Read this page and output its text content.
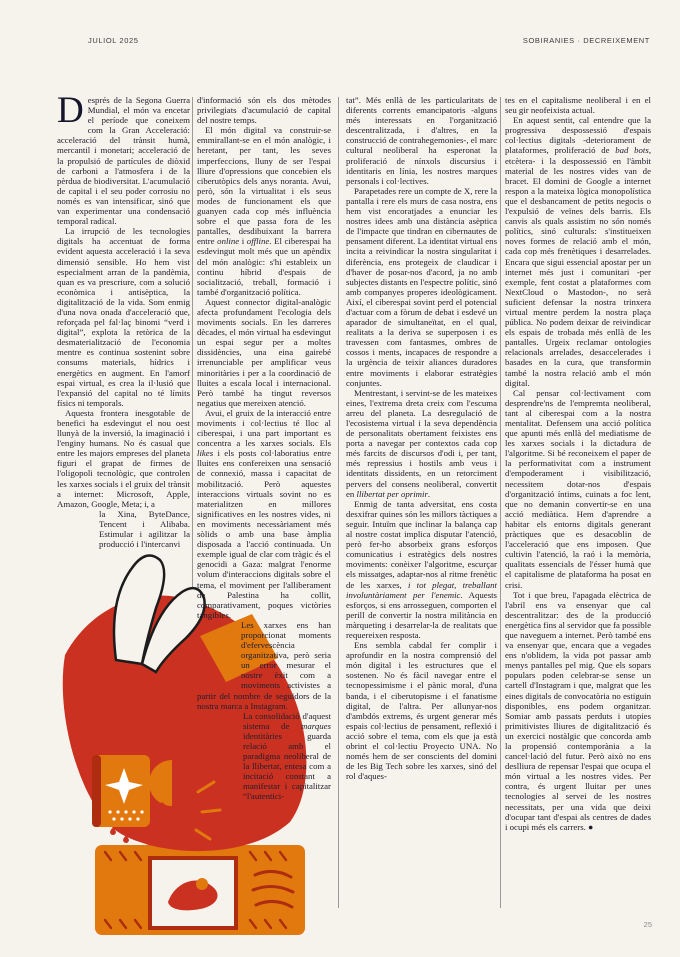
JULIOL 2025	SOBIRANIES · DECREIXEMENT

Després de la Segona Guerra Mundial, el món va encetar el període que coneixem com la Gran Acceleració: acceleració del trànsit humà, mercantil i monetari; acceleració de la propulsió de partícules de diòxid de carboni a l'atmosfera i de la pèrdua de biodiversitat. L'acumulació de capital i el seu poder corrosiu no només es van intensificar, sinó que van experimentar una condensació temporal radical.

La irrupció de les tecnologies digitals ha accentuat de forma evident aquesta acceleració i la seva dimensió sensible. Ho hem vist especialment arran de la pandèmia, quan es va prescriure, com a solució econòmica i antisèptica, la digitalització de la vida. Som enmig d'una nova onada d'acceleració que, reforçada pel fal·laç binomi “verd i digital”, explota la retòrica de la desmaterialització de l'economia mentre es continua sostenint sobre consums materials, hídrics i energètics en augment. En l'amorf espai virtual, es crea la il·lusió que l'expansió del capital no té límits físics ni temporals.

Aquesta frontera inesgotable de benefici ha esdevingut el nou oest llunyà de la inversió, la imaginació i l'enginy humans. No és casual que entre les majors empreses del planeta figuri el grapat de firmes de l'oligopoli tecnològic, que controlen les xarxes socials i el gruix del trànsit a internet: Microsoft, Apple, Amazon, Google, Meta; i, a

la Xina, ByteDance, Tencent i Alibaba. Estimular i agilitzar la producció i l'intercanvi

d'informació són els dos mètodes privilegiats d'acumulació de capital del nostre temps.

El món digital va construir-se emmirallant-se en el món analògic, i heretant, per tant, les seves imperfeccions, lluny de ser l'espai lliure d'opressions que concebien els ciberutòpics dels anys noranta. Avui, però, són la virtualitat i els seus modes de funcionament els que guanyen cada cop més influència sobre el que passa fora de les pantalles, desdibuixant la barrera entre online i offline. El ciberespai ha esdevingut molt més que un apèndix del món analògic: s'hi estableix un continu híbrid d'espais de socialització, treball, formació i també d'organització política.

Aquest connector digital-analògic afecta profundament l'ecologia dels moviments socials. En les darreres dècades, el món virtual ha esdevingut un espai segur per a moltes dissidències, una eina gairebé irrenunciable per amplificar veus minoritàries i per a la coordinació de lluites a escala local i internacional. Però també ha tingut reversos negatius que mereixen atenció.

Avui, el gruix de la interacció entre moviments i col·lectius té lloc al ciberespai, i una part important es concentra a les xarxes socials. Els likes i els posts col·laboratius entre lluites ens confereixen una sensació de connexió, massa i capacitat de mobilització. Però aquestes interaccions virtuals sovint no es materialitzen en millores significatives en les nostres vides, ni en moviments necessàriament més sòlids o amb una base àmplia disposada a l'acció continuada. Un exemple igual de clar com tràgic és el genocidi a Gaza: malgrat l'enorme volum d'interaccions digitals sobre el tema, el moviment per l'alliberament de Palestina ha collit, comparativament, poques victòries tangibles.

Les xarxes ens han proporcionat moments d'efervescència organitzativa, però seria un error mesurar el nostre èxit com a moviments activistes a partir del nombre de seguidors de la nostra marca a Instagram.

La consolidació d'aquest sistema de marques identitàries guarda relació amb el paradigma neoliberal de la llibertat, entesa com a incitació constant a manifestar i capitalitzar “l'autentici-

tat”. Més enllà de les particularitats de diferents corrents emancipatoris -alguns més interessats en l'organització descentralitzada, i d'altres, en la construcció de contrahegemonies-, el marc cultural neoliberal ha esperonat la proliferació de nínxols discursius i identitaris en línia, les nostres marques personals i col·lectives.

Parapetades rere un compte de X, rere la pantalla i rere els murs de casa nostra, ens hem vist encoratjades a enunciar les nostres idees amb una distància asèptica de l'impacte que tindran en cibernautes de pensament diferent. La identitat virtual ens incita a reivindicar la nostra singularitat i diferència, ens protegeix de claudicar i d'haver de posar-nos d'acord, ja no amb subjectes distants en l'espectre polític, sinó amb companyes properes ideològicament. Així, el ciberespai sovint perd el potencial d'actuar com a fòrum de debat i esdevé un aparador de simultaneïtat, en el qual, realitats a la deriva se superposen i es travessen com fantasmes, ombres de cossos i ments, incapaces de respondre a la urgència de teixir aliances duradores entre moviments i elaborar estratègies conjuntes.

Mentrestant, i servint-se de les mateixes eines, l'extrema dreta creix com l'escuma arreu del planeta. La desregulació de l'ecosistema virtual i la seva dependència de personalitats obertament feixistes ens porta a navegar per contextos cada cop més farcits de discursos d'odi i, per tant, més repressius i hostils amb veus i identitats dissidents, en un retorciment pervers del consens neoliberal, convertit en llibertat per oprimir.

Enmig de tanta adversitat, ens costa desxifrar quines són les millors tàctiques a seguir. Intuïm que inclinar la balança cap al nostre costat implica disputar l'atenció, però fer-ho absorbeix grans esforços comunicatius i estratègics dels nostres moviments: conèixer l'algoritme, escurçar els missatges, adaptar-nos al ritme frenètic de les xarxes, i tot plegat, treballant involuntàriament per l'enemic. Aquests esforços, si ens arrosseguen, comporten el perill de convertir la nostra militància en màrqueting i desarrelar-la de realitats que requereixen resposta.

Ens sembla cabdal fer complir i aprofundir en la nostra comprensió del món digital i les estructures que el sostenen. No és fàcil navegar entre el tecnopessimisme i el pànic moral, d'una banda, i el ciberutopisme i el fanatisme digital, de l'altra. Per allunyar-nos d'ambdós extrems, és urgent generar més espais col·lectius de pensament, reflexió i acció sobre el tema, com els que ja està obrint el col·lectiu Proyecto UNA. No només hem de ser conscients del domini de les Big Tech sobre les xarxes, sinó del rol d'aques-

tes en el capitalisme neoliberal i en el seu gir neofeixista actual.

En aquest sentit, cal entendre que la progressiva despossessió d'espais col·lectius digitals -deteriorament de plataformes, proliferació de bad bots, etcètera- i la despossessió en l'àmbit material de les nostres vides van de bracet. El domini de Google a internet respon a la mateixa lògica monopolística que el desbancament de petits negocis o l'expulsió de veïnes dels barris. Els canvis als quals assistim no són només polítics, sinó culturals: s'institueixen noves formes de relació amb el món, cada cop més frenètiques i desarrelades. Encara que sigui essencial apostar per un internet més just i comunitari -per exemple, fent costat a plataformes com NextCloud o Mastodon-, no serà suficient defensar la nostra trinxera virtual mentre perdem la nostra plaça pública. No podem deixar de reivindicar els espais de trobada més enllà de les pantalles. Urgeix reclamar ontologies relacionals arrelades, desaccelerades i basades en la cura, que transformin també la nostra relació amb el món digital.

Cal pensar col·lectivament com desprendre'ns de l'empremta neoliberal, tant al ciberespai com a la nostra mentalitat. Defensem una acció política que apunti més enllà del mediatisme de les xarxes socials i la dictadura de l'algoritme. Si bé reconeixem el paper de la performativitat com a instrument d'empoderament i visibilització, necessitem dotar-nos d'espais d'organització íntims, cuinats a foc lent, que no demanin convertir-se en una acció mediàtica. Hem d'aprendre a habitar els entorns digitals generant pràctiques que es desacoblin de l'acceleració que ens imposen. Que cultivin l'atenció, la raó i la memòria, qualitats essencials de l'ésser humà que el capitalisme de plataforma ha posat en crisi.

Tot i que breu, l'apagada elèctrica de l'abril ens va ensenyar que cal descentralitzar: des de la producció energètica fins al servidor que fa possible que naveguem a internet. Però també ens va ensenyar que, encara que a vegades ens n'oblidem, la vida pot passar amb menys pantalles pel mig. Que els sopars populars poden celebrar-se sense un cartell d'Instagram i que, malgrat que les eines digitals de convocatòria no estiguin disponibles, ens podem organitzar. Somiar amb passats perduts i utopies primitivistes lliures de digitalització és un exercici nostàlgic que concorda amb la propensió contemporània a la cancel·lació del futur. Però això no ens deslliura de repensar l'espai que ocupa el món virtual a les nostres vides. Per contra, és urgent lluitar per unes tecnologies al servei de les nostres necessitats, per una vida que deixi d'ocupar tant d'espai als centres de dades i ocupi més els carrers. ●

25
